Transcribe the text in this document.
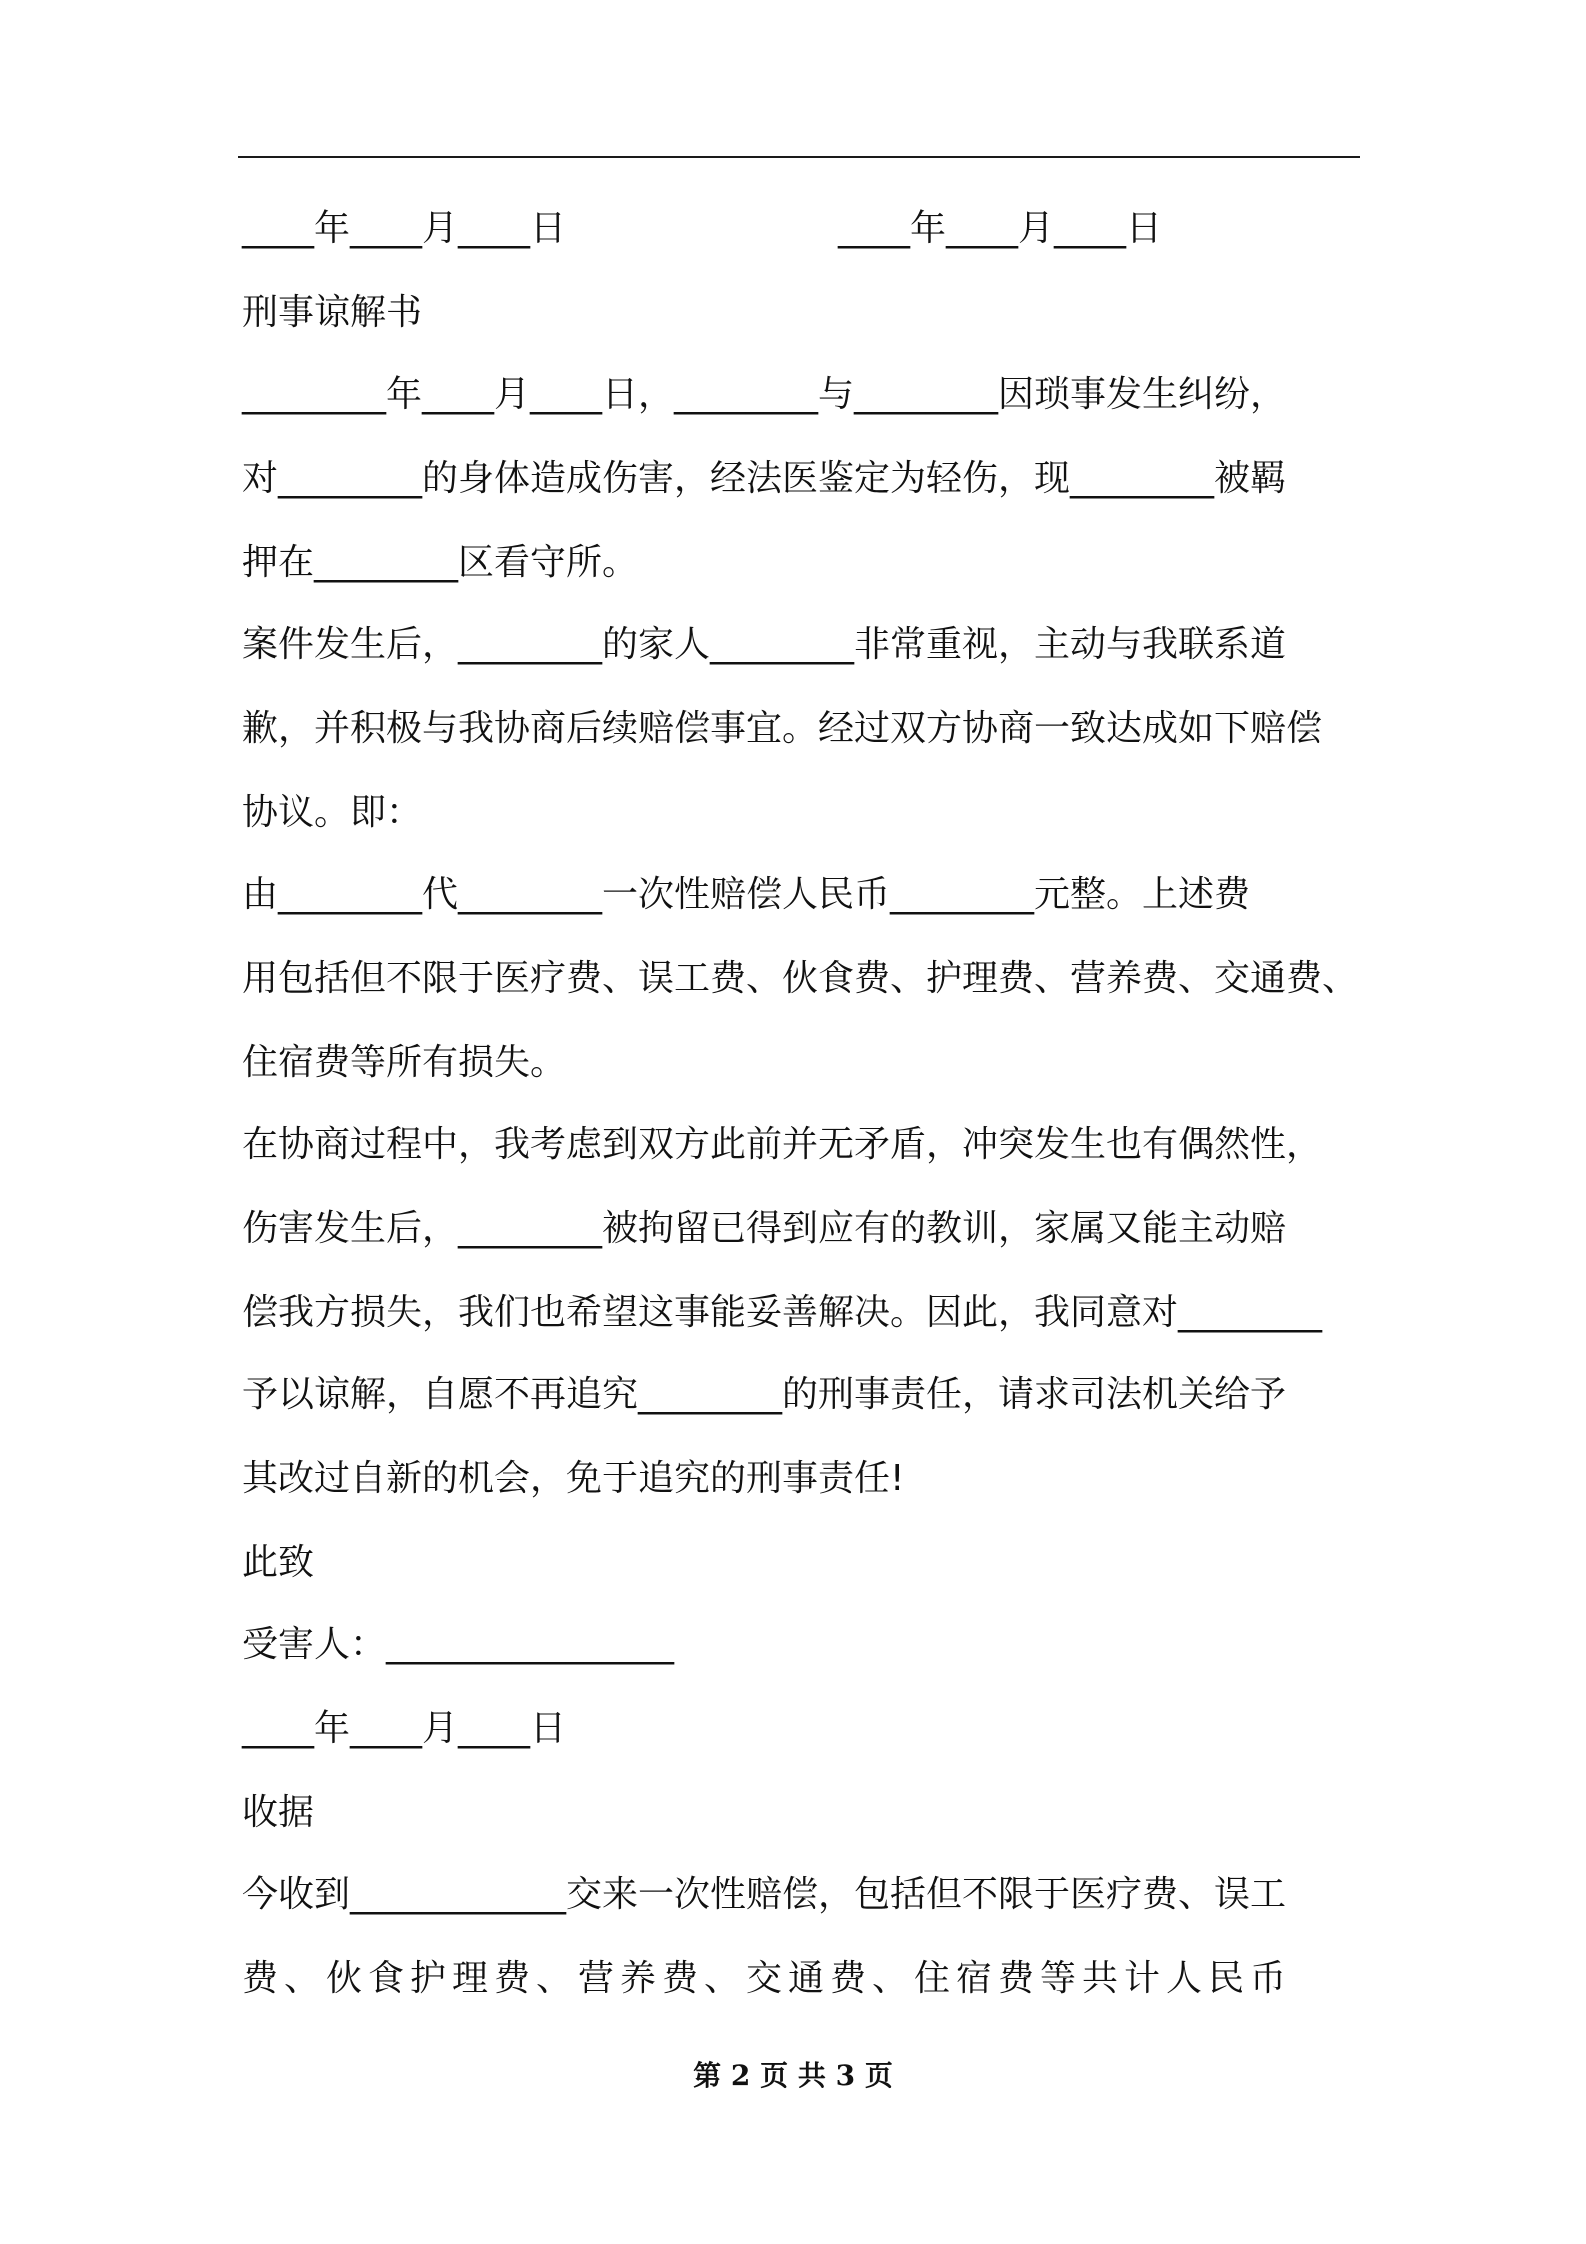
____年____月____日	____年____月____日
刑事谅解书
________年____月____日，________与________因琐事发生纠纷，
对________的身体造成伤害，经法医鉴定为轻伤，现________被羁
押在________区看守所。
案件发生后，________的家人________非常重视，主动与我联系道
歉，并积极与我协商后续赔偿事宜。经过双方协商一致达成如下赔偿
协议。即：
由________代________一次性赔偿人民币________元整。上述费
用包括但不限于医疗费、误工费、伙食费、护理费、营养费、交通费、
住宿费等所有损失。
在协商过程中，我考虑到双方此前并无矛盾，冲突发生也有偶然性，
伤害发生后，________被拘留已得到应有的教训，家属又能主动赔
偿我方损失，我们也希望这事能妥善解决。因此，我同意对________
予以谅解，自愿不再追究________的刑事责任，请求司法机关给予
其改过自新的机会，免于追究的刑事责任!
此致
受害人：________________
____年____月____日
收据
今收到____________交来一次性赔偿，包括但不限于医疗费、误工
费、伙食护理费、营养费、交通费、住宿费等共计人民币
第 2 页 共 3 页
